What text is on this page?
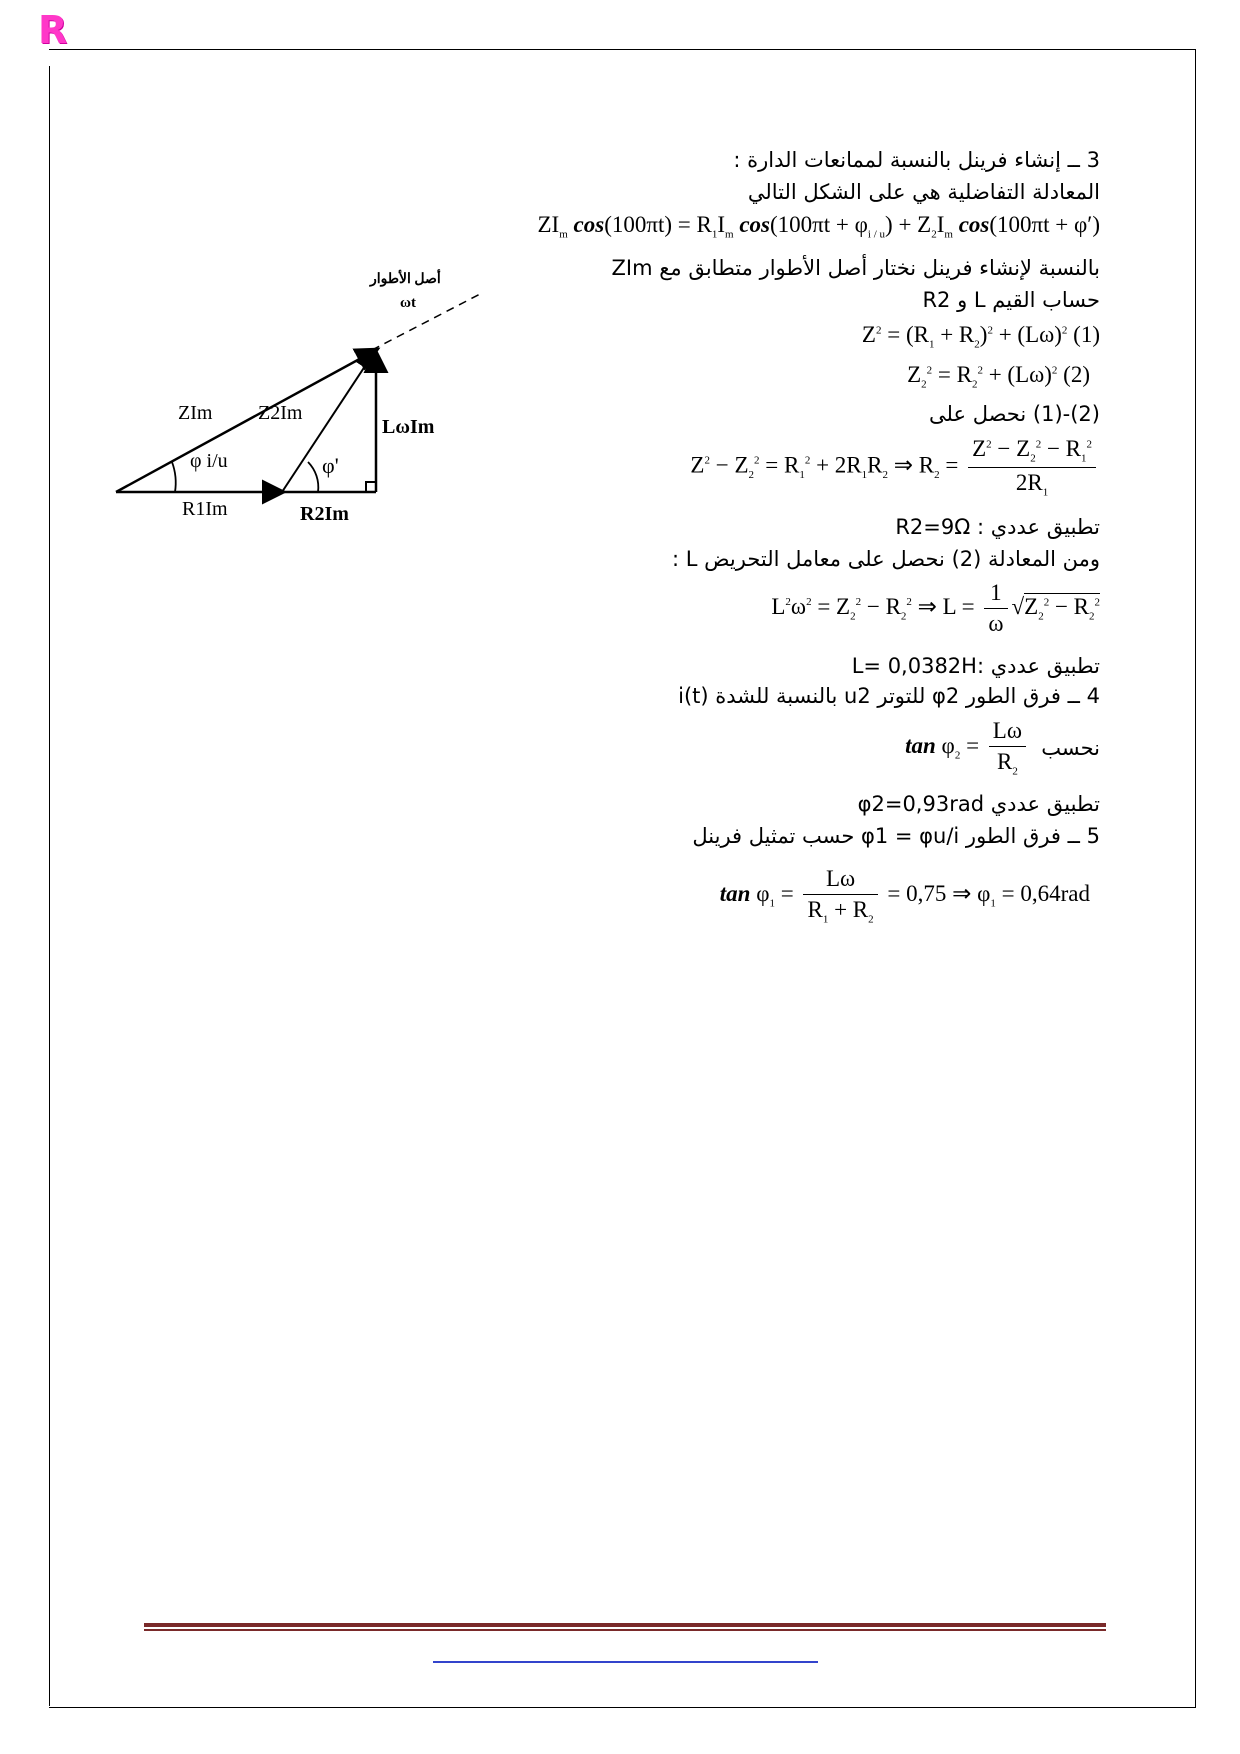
R
3 ــ إنشاء فرينل بالنسبة لممانعات الدارة :
المعادلة التفاضلية هي على الشكل التالي
$ZI_m$ $\cos(100\pi t) = R_1I_m$ $\cos(100\pi t + \varphi_{i / u}) + Z_2I_m$ cos(100πt + φ′)
بالنسبة لإنشاء فرينل نختار أصل الأطوار متطابق مع ZIm
حساب القيم L و R2
$Z^2 = (R_1 + R_2)^2 + (L\omega)^2$ (1)
$Z_2^2 = R_2^2 + (L\omega)^2$ (2)
(2)-(1) نحصل على
$Z^2 - Z_2^2 = R_1^2 + 2R_1R_2$ ⇒ $R_2 = \frac{Z^2 - Z_2^2 - R_1^2}{2R_1}$
تطبيق عددي : R2=9Ω
ومن المعادلة (2) نحصل على معامل التحريض L :
$L^2\omega^2 = Z_2^2 - R_2^2$ ⇒ $L = \frac{1}{\omega} √Z_2^2 - R_2^2$
تطبيق عددي :L= 0,0382H
4 ــ فرق الطور φ2 للتوتر u2 بالنسبة للشدة i(t)
نحسب
$\tan \varphi_2 = \frac{L\omega}{R_2}$
تطبيق عددي φ2=0,93rad
5 ــ فرق الطور φ1 = φu/i حسب تمثيل فرينل
$\tan \varphi_1 = \frac{L\omega}{R_1 + R_2} = 0,75$ ⇒ $\varphi_1 = 0,64rad$
أصل الأطوار
ωt
ZIm Z2Im
LωIm
φ i/u	φ'
R1Im	R2Im
